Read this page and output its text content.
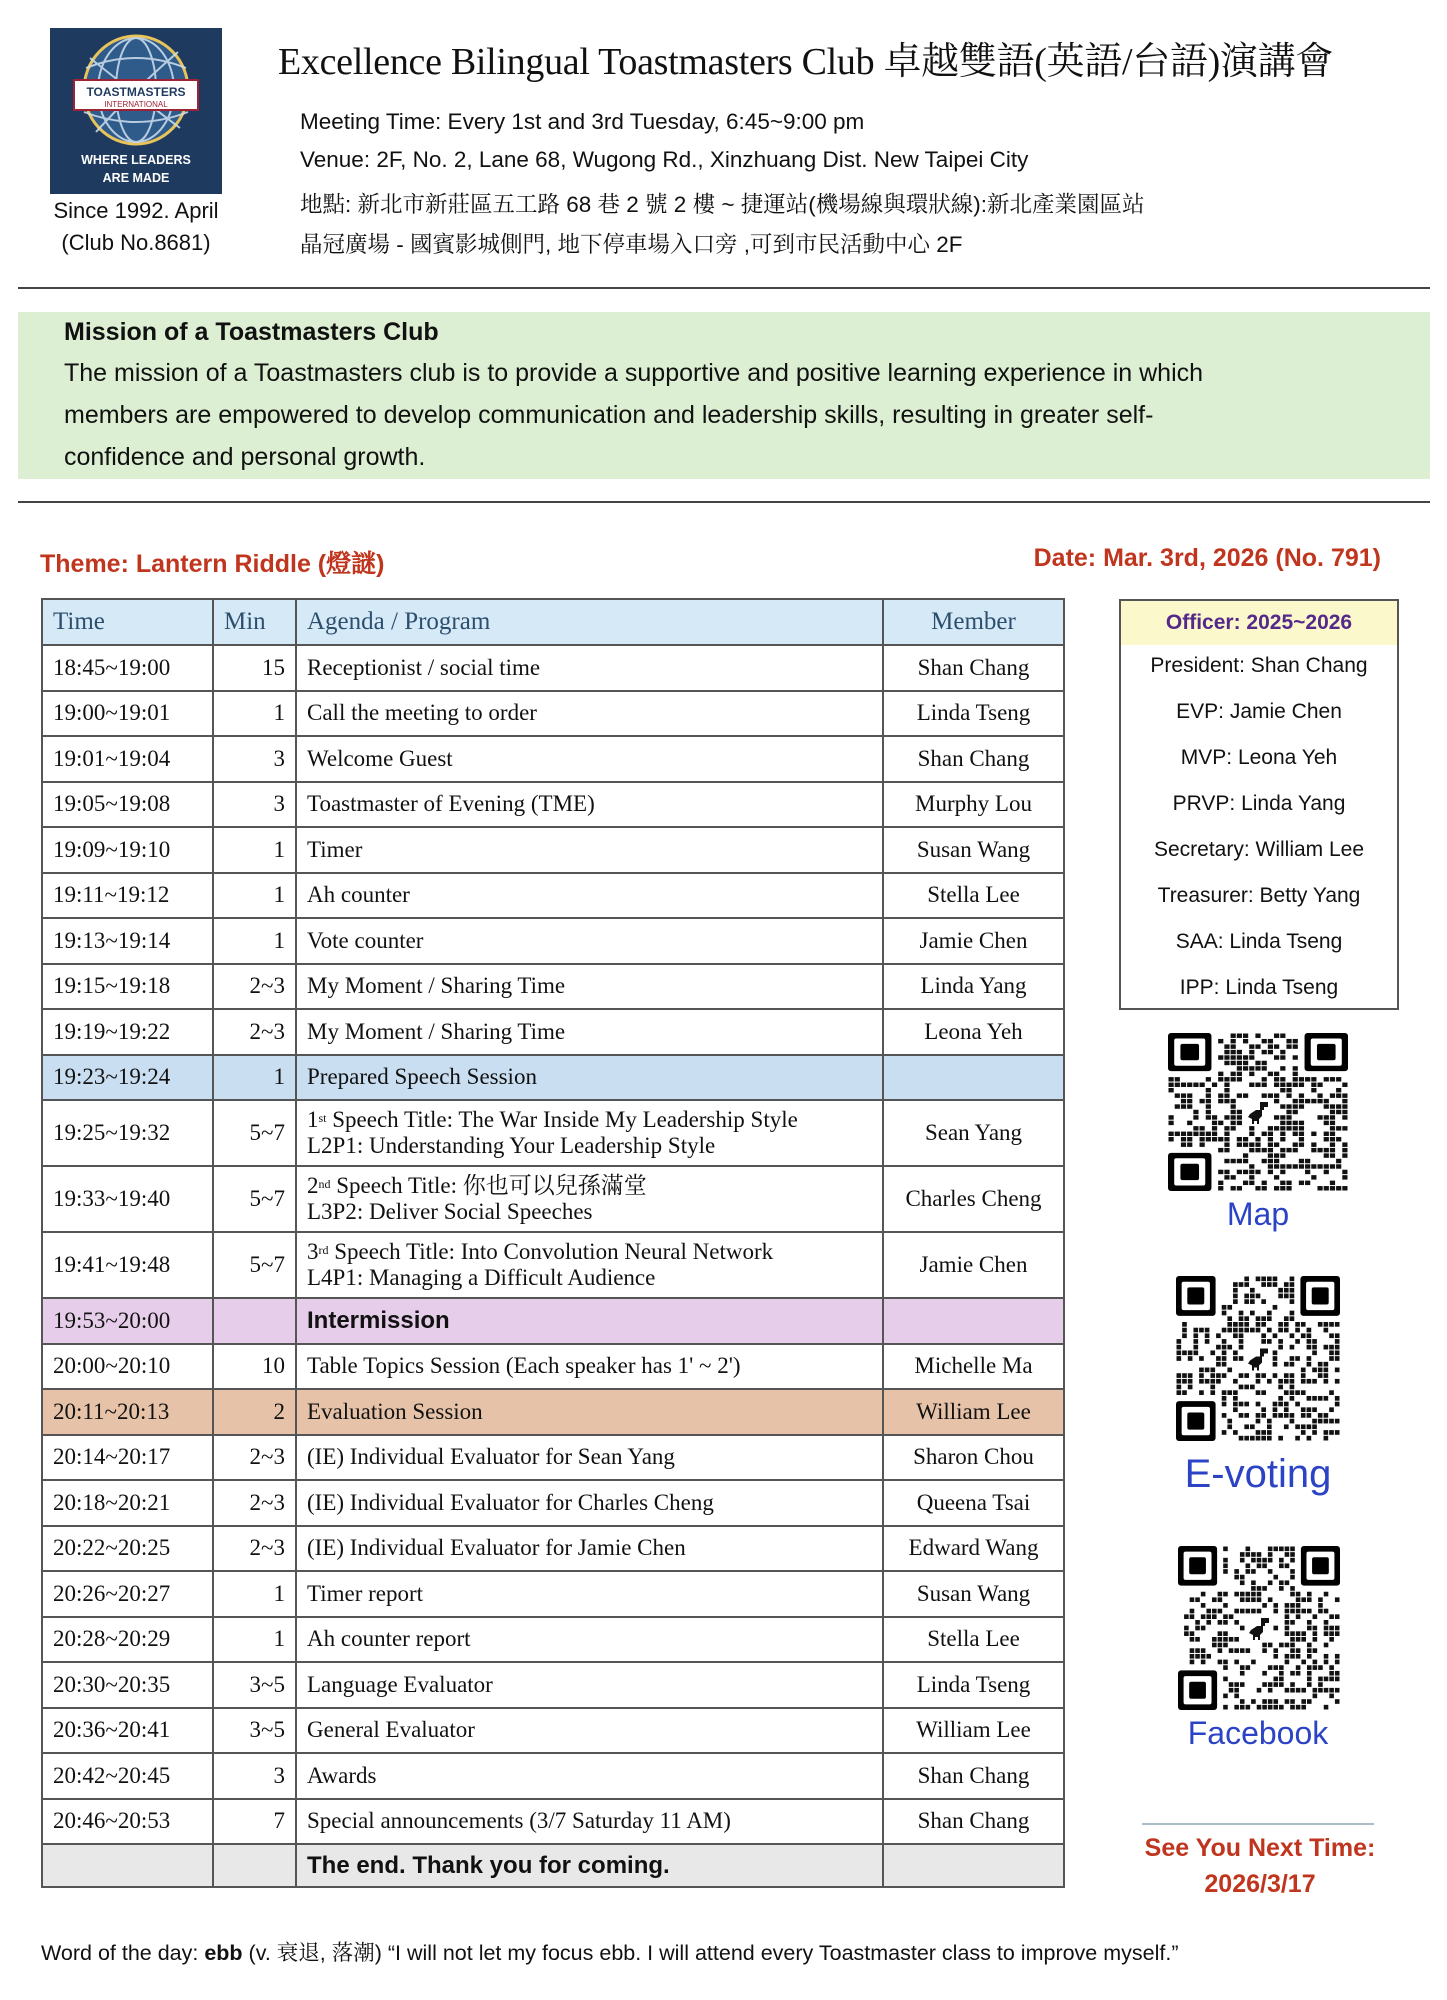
TOASTMASTERS
INTERNATIONAL
WHERE LEADERS
ARE MADE
Since 1992. April
(Club No.8681)
Excellence Bilingual Toastmasters Club 卓越雙語(英語/台語)演講會
Meeting Time: Every 1st and 3rd Tuesday, 6:45~9:00 pm
Venue: 2F, No. 2, Lane 68, Wugong Rd., Xinzhuang Dist. New Taipei City
地點: 新北市新莊區五工路 68 巷 2 號 2 樓 ~ 捷運站(機場線與環狀線):新北產業園區站
晶冠廣場 - 國賓影城側門, 地下停車場入口旁 ,可到市民活動中心 2F
Mission of a Toastmasters Club
The mission of a Toastmasters club is to provide a supportive and positive learning experience in which
members are empowered to develop communication and leadership skills, resulting in greater self-
confidence and personal growth.
Theme: Lantern Riddle (燈謎)	Date: Mar. 3rd, 2026 (No. 791)
Time	Min	Agenda / Program	Member
18:45~19:00	15	Receptionist / social time	Shan Chang
19:00~19:01	1	Call the meeting to order	Linda Tseng
19:01~19:04	3	Welcome Guest	Shan Chang
19:05~19:08	3	Toastmaster of Evening (TME)	Murphy Lou
19:09~19:10	1	Timer	Susan Wang
19:11~19:12	1	Ah counter	Stella Lee
19:13~19:14	1	Vote counter	Jamie Chen
19:15~19:18	2~3	My Moment / Sharing Time	Linda Yang
19:19~19:22	2~3	My Moment / Sharing Time	Leona Yeh
19:23~19:24	1	Prepared Speech Session	
19:25~19:32	5~7	1st Speech Title: The War Inside My Leadership Style
L2P1: Understanding Your Leadership Style	Sean Yang
19:33~19:40	5~7	2nd Speech Title: 你也可以兒孫滿堂
L3P2: Deliver Social Speeches	Charles Cheng
19:41~19:48	5~7	3rd Speech Title: Into Convolution Neural Network
L4P1: Managing a Difficult Audience	Jamie Chen
19:53~20:00		Intermission	
20:00~20:10	10	Table Topics Session (Each speaker has 1' ~ 2')	Michelle Ma
20:11~20:13	2	Evaluation Session	William Lee
20:14~20:17	2~3	(IE) Individual Evaluator for Sean Yang	Sharon Chou
20:18~20:21	2~3	(IE) Individual Evaluator for Charles Cheng	Queena Tsai
20:22~20:25	2~3	(IE) Individual Evaluator for Jamie Chen	Edward Wang
20:26~20:27	1	Timer report	Susan Wang
20:28~20:29	1	Ah counter report	Stella Lee
20:30~20:35	3~5	Language Evaluator	Linda Tseng
20:36~20:41	3~5	General Evaluator	William Lee
20:42~20:45	3	Awards	Shan Chang
20:46~20:53	7	Special announcements (3/7 Saturday 11 AM)	Shan Chang
		The end. Thank you for coming.	
Officer: 2025~2026
President: Shan Chang
EVP: Jamie Chen
MVP: Leona Yeh
PRVP: Linda Yang
Secretary: William Lee
Treasurer: Betty Yang
SAA: Linda Tseng
IPP: Linda Tseng
Map
E-voting
Facebook
See You Next Time:
2026/3/17
Word of the day: ebb (v. 衰退, 落潮) “I will not let my focus ebb. I will attend every Toastmaster class to improve myself.”
